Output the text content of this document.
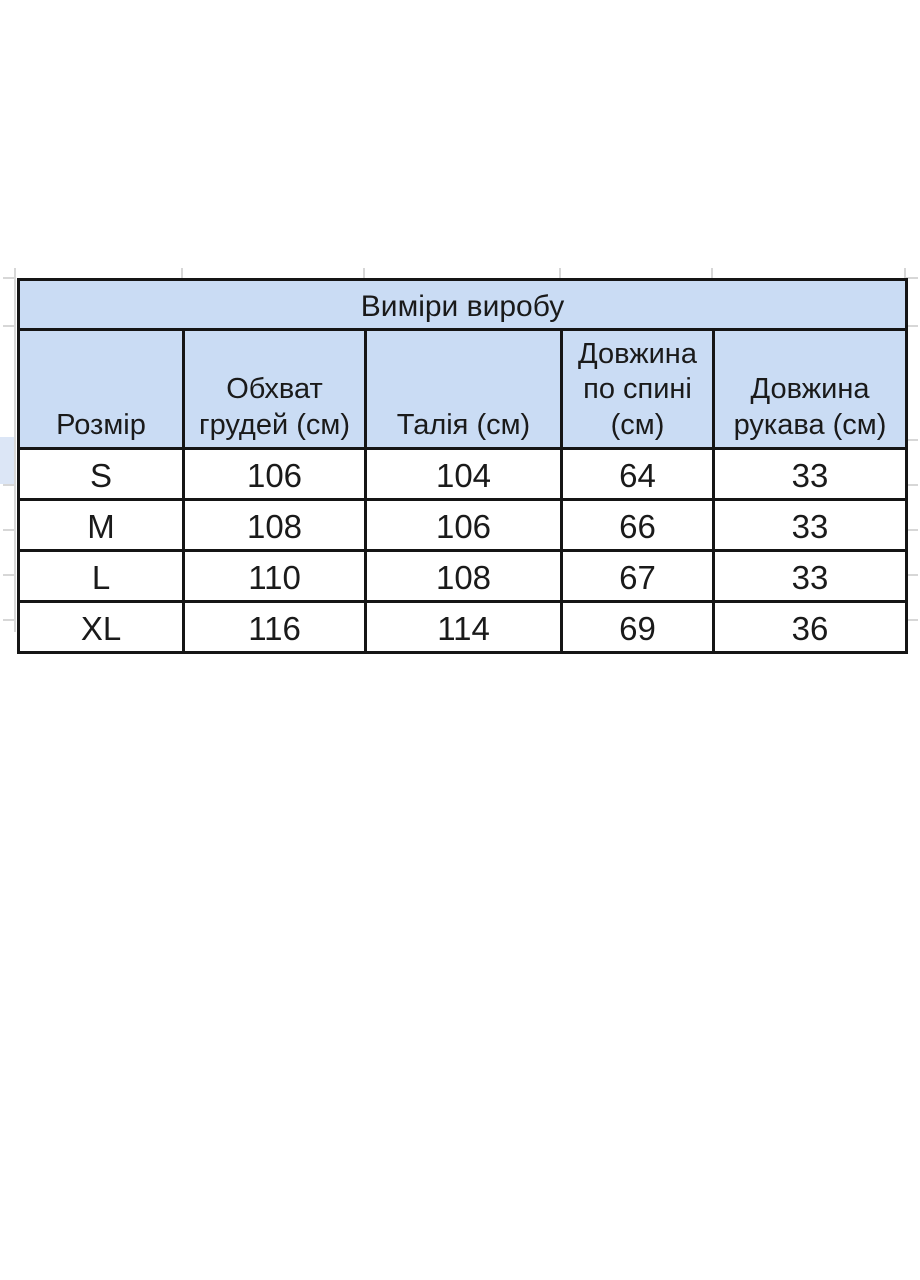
Виміри виробу				
Розмір	Обхват грудей (см)	Талія (см)	Довжина по спині (см)	Довжина рукава (см)
S	106	104	64	33
M	108	106	66	33
L	110	108	67	33
XL	116	114	69	36
